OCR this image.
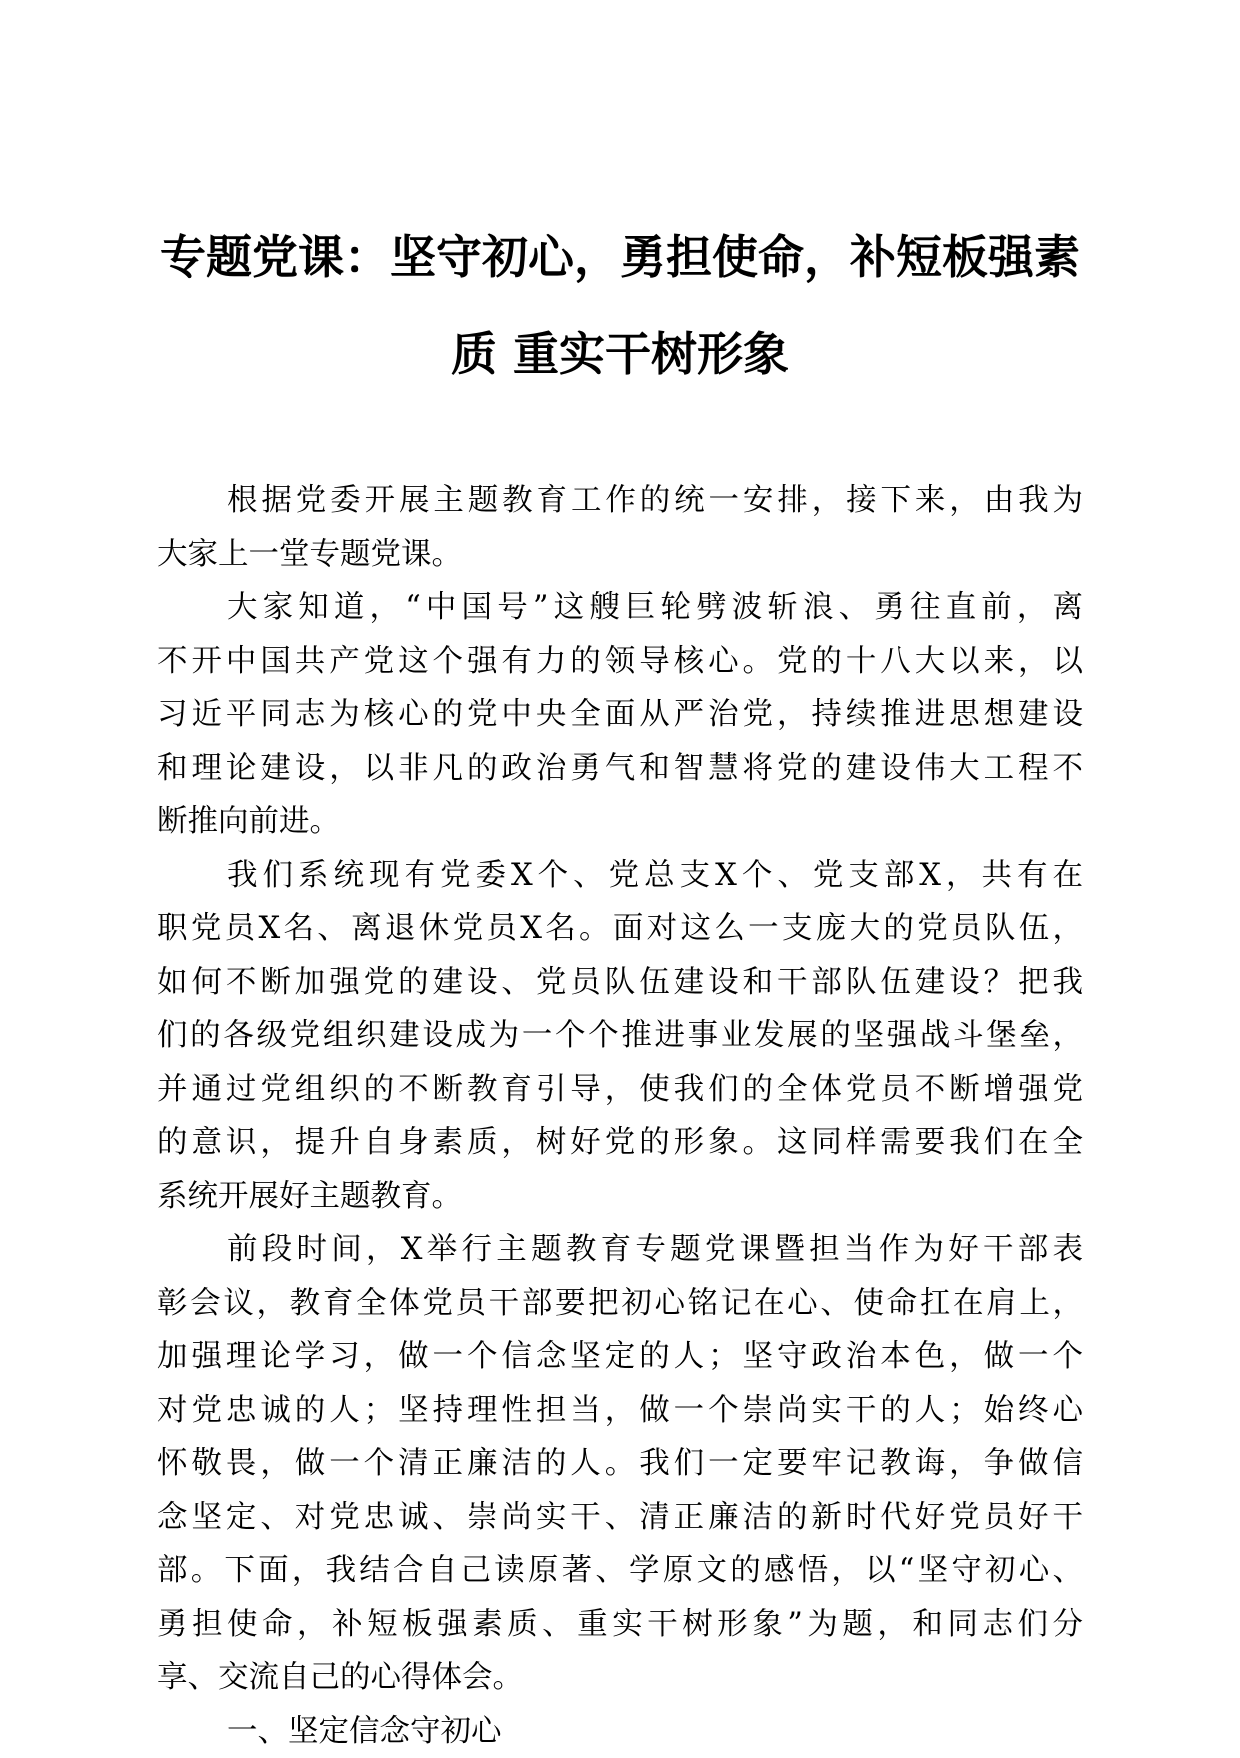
专题党课：坚守初心，勇担使命，补短板强素
质 重实干树形象
根据党委开展主题教育工作的统一安排，接下来，由我为
大家上一堂专题党课。
大家知道，“中国号”这艘巨轮劈波斩浪、勇往直前，离
不开中国共产党这个强有力的领导核心。党的十八大以来，以
习近平同志为核心的党中央全面从严治党，持续推进思想建设
和理论建设，以非凡的政治勇气和智慧将党的建设伟大工程不
断推向前进。
我们系统现有党委X个、党总支X个、党支部X，共有在
职党员X名、离退休党员X名。面对这么一支庞大的党员队伍，
如何不断加强党的建设、党员队伍建设和干部队伍建设？把我
们的各级党组织建设成为一个个推进事业发展的坚强战斗堡垒，
并通过党组织的不断教育引导，使我们的全体党员不断增强党
的意识，提升自身素质，树好党的形象。这同样需要我们在全
系统开展好主题教育。
前段时间，X举行主题教育专题党课暨担当作为好干部表
彰会议，教育全体党员干部要把初心铭记在心、使命扛在肩上，
加强理论学习，做一个信念坚定的人；坚守政治本色，做一个
对党忠诚的人；坚持理性担当，做一个崇尚实干的人；始终心
怀敬畏，做一个清正廉洁的人。我们一定要牢记教诲，争做信
念坚定、对党忠诚、崇尚实干、清正廉洁的新时代好党员好干
部。下面，我结合自己读原著、学原文的感悟，以“坚守初心、
勇担使命，补短板强素质、重实干树形象”为题，和同志们分
享、交流自己的心得体会。
一、坚定信念守初心
